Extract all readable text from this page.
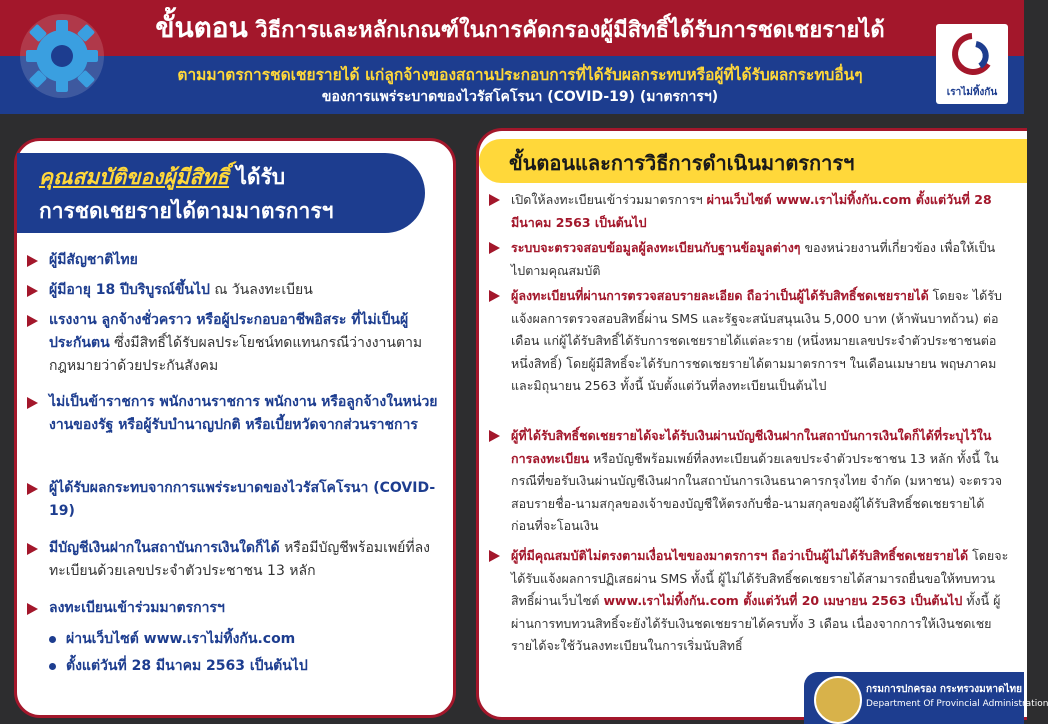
ขั้นตอน วิธีการและหลักเกณฑ์ในการคัดกรองผู้มีสิทธิ์ได้รับการชดเชยรายได้
ตามมาตรการชดเชยรายได้ แก่ลูกจ้างของสถานประกอบการที่ได้รับผลกระทบหรือผู้ที่ได้รับผลกระทบอื่นๆ
ของการแพร่ระบาดของไวรัสโคโรนา (COVID-19) (มาตรการฯ)	เราไม่ทิ้งกัน
คุณสมบัติของผู้มีสิทธิ์ ได้รับ
การชดเชยรายได้ตามมาตรการฯ
ผู้มีสัญชาติไทย
ผู้มีอายุ 18 ปีบริบูรณ์ขึ้นไป ณ วันลงทะเบียน
แรงงาน ลูกจ้างชั่วคราว หรือผู้ประกอบอาชีพอิสระ ที่ไม่เป็นผู้ประกันตน ซึ่งมีสิทธิ์ได้รับผลประโยชน์ทดแทนกรณีว่างงานตามกฎหมายว่าด้วยประกันสังคม
ไม่เป็นข้าราชการ พนักงานราชการ พนักงาน หรือลูกจ้างในหน่วยงานของรัฐ หรือผู้รับบำนาญปกติ หรือเบี้ยหวัดจากส่วนราชการ
ผู้ได้รับผลกระทบจากการแพร่ระบาดของไวรัสโคโรนา (COVID-19)
มีบัญชีเงินฝากในสถาบันการเงินใดก็ได้ หรือมีบัญชีพร้อมเพย์ที่ลงทะเบียนด้วยเลขประจำตัวประชาชน 13 หลัก
ลงทะเบียนเข้าร่วมมาตรการฯ
ผ่านเว็บไซต์ www.เราไม่ทิ้งกัน.com
ตั้งแต่วันที่ 28 มีนาคม 2563 เป็นต้นไป
ขั้นตอนและการวิธีการดำเนินมาตรการฯ
เปิดให้ลงทะเบียนเข้าร่วมมาตรการฯ ผ่านเว็บไซต์ www.เราไม่ทิ้งกัน.com ตั้งแต่วันที่ 28 มีนาคม 2563 เป็นต้นไป
ระบบจะตรวจสอบข้อมูลผู้ลงทะเบียนกับฐานข้อมูลต่างๆ ของหน่วยงานที่เกี่ยวข้อง เพื่อให้เป็นไปตามคุณสมบัติ
ผู้ลงทะเบียนที่ผ่านการตรวจสอบรายละเอียด ถือว่าเป็นผู้ได้รับสิทธิ์ชดเชยรายได้ โดยจะ ได้รับแจ้งผลการตรวจสอบสิทธิ์ผ่าน SMS และรัฐจะสนับสนุนเงิน 5,000 บาท (ห้าพันบาทถ้วน) ต่อเดือน แก่ผู้ได้รับสิทธิ์ได้รับการชดเชยรายได้แต่ละราย (หนึ่งหมายเลขประจำตัวประชาชนต่อหนึ่งสิทธิ์) โดยผู้มีสิทธิ์จะได้รับการชดเชยรายได้ตามมาตรการฯ ในเดือนเมษายน พฤษภาคม และมิถุนายน 2563 ทั้งนี้ นับตั้งแต่วันที่ลงทะเบียนเป็นต้นไป
ผู้ที่ได้รับสิทธิ์ชดเชยรายได้จะได้รับเงินผ่านบัญชีเงินฝากในสถาบันการเงินใดก็ได้ที่ระบุไว้ในการลงทะเบียน หรือบัญชีพร้อมเพย์ที่ลงทะเบียนด้วยเลขประจำตัวประชาชน 13 หลัก ทั้งนี้ ในกรณีที่ขอรับเงินผ่านบัญชีเงินฝากในสถาบันการเงินธนาคารกรุงไทย จำกัด (มหาชน) จะตรวจสอบรายชื่อ-นามสกุลของเจ้าของบัญชีให้ตรงกับชื่อ-นามสกุลของผู้ได้รับสิทธิ์ชดเชยรายได้ ก่อนที่จะโอนเงิน
ผู้ที่มีคุณสมบัติไม่ตรงตามเงื่อนไขของมาตรการฯ ถือว่าเป็นผู้ไม่ได้รับสิทธิ์ชดเชยรายได้ โดยจะได้รับแจ้งผลการปฏิเสธผ่าน SMS ทั้งนี้ ผู้ไม่ได้รับสิทธิ์ชดเชยรายได้สามารถยื่นขอให้ทบทวนสิทธิ์ผ่านเว็บไซต์ www.เราไม่ทิ้งกัน.com ตั้งแต่วันที่ 20 เมษายน 2563 เป็นต้นไป ทั้งนี้ ผู้ผ่านการทบทวนสิทธิ์จะยังได้รับเงินชดเชยรายได้ครบทั้ง 3 เดือน เนื่องจากการให้เงินชดเชยรายได้จะใช้วันลงทะเบียนในการเริ่มนับสิทธิ์
กรมการปกครอง กระทรวงมหาดไทย
Department Of Provincial Administration
